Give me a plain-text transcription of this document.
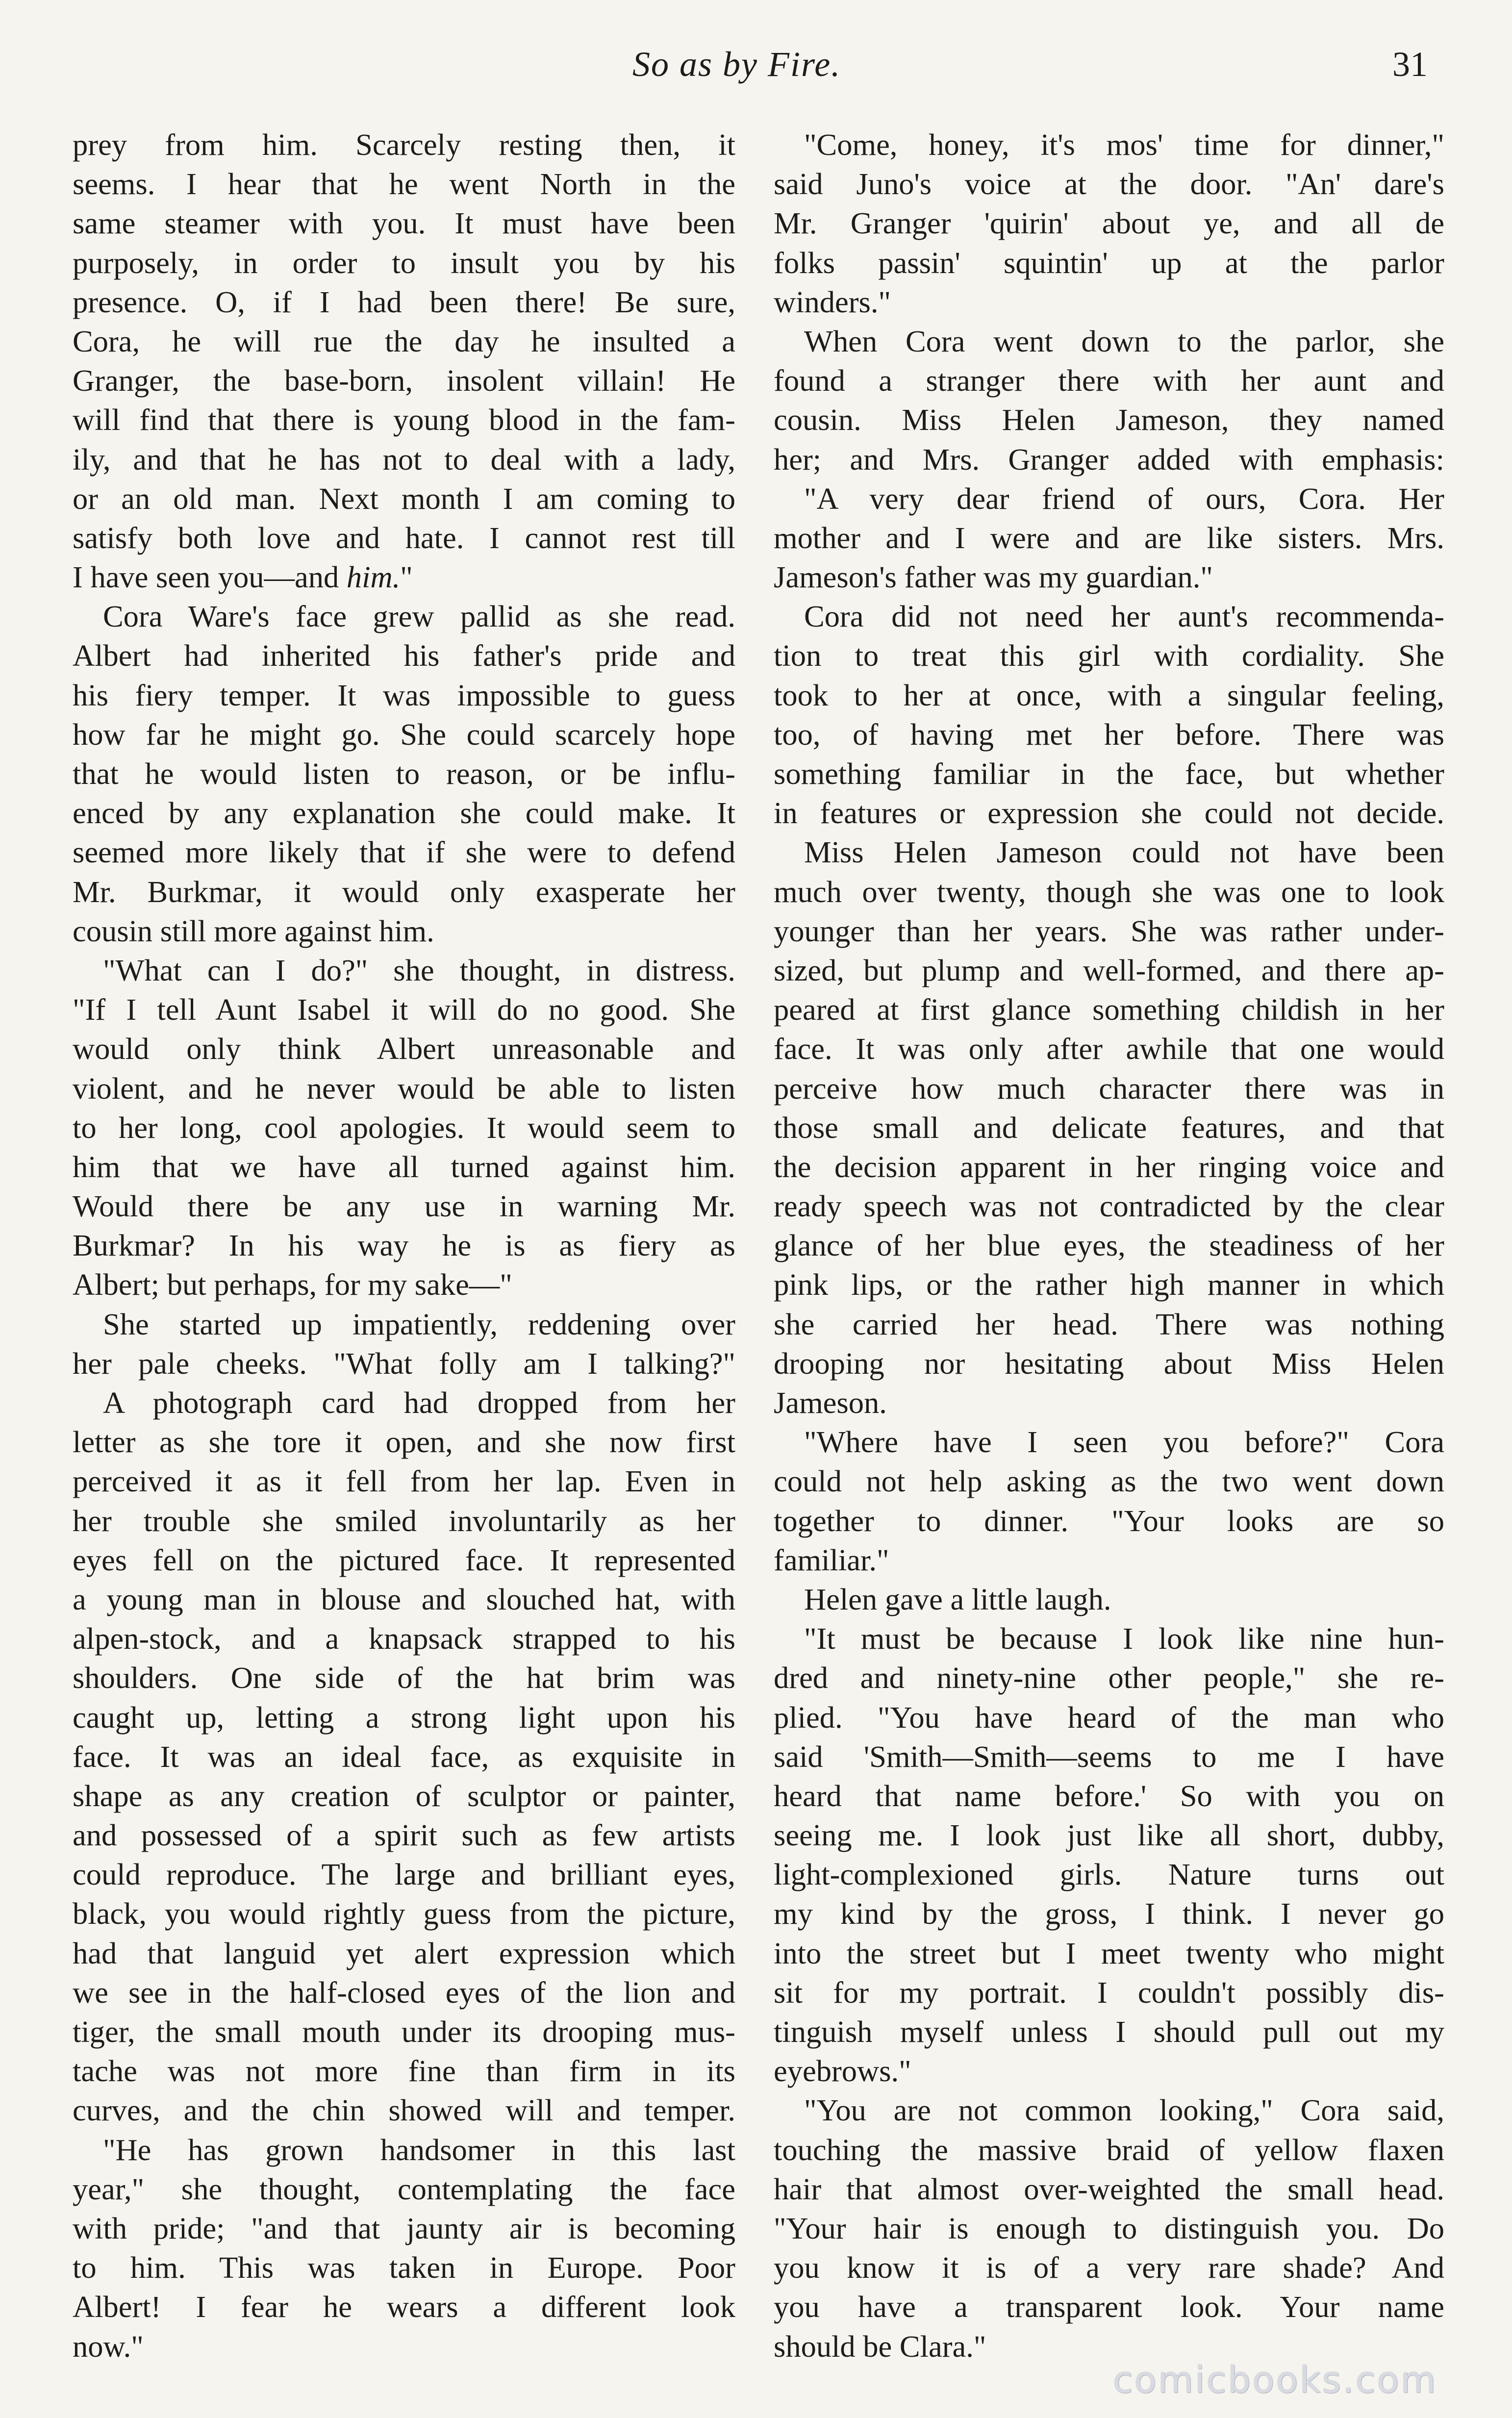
So as by Fire.	31
prey from him. Scarcely resting then, it
seems. I hear that he went North in the
same steamer with you. It must have been
purposely, in order to insult you by his
presence. O, if I had been there! Be sure,
Cora, he will rue the day he insulted a
Granger, the base-born, insolent villain! He
will find that there is young blood in the fam-
ily, and that he has not to deal with a lady,
or an old man. Next month I am coming to
satisfy both love and hate. I cannot rest till
I have seen you—and him."
Cora Ware's face grew pallid as she read.
Albert had inherited his father's pride and
his fiery temper. It was impossible to guess
how far he might go. She could scarcely hope
that he would listen to reason, or be influ-
enced by any explanation she could make. It
seemed more likely that if she were to defend
Mr. Burkmar, it would only exasperate her
cousin still more against him.
"What can I do?" she thought, in distress.
"If I tell Aunt Isabel it will do no good. She
would only think Albert unreasonable and
violent, and he never would be able to listen
to her long, cool apologies. It would seem to
him that we have all turned against him.
Would there be any use in warning Mr.
Burkmar? In his way he is as fiery as
Albert; but perhaps, for my sake—"
She started up impatiently, reddening over
her pale cheeks. "What folly am I talking?"
A photograph card had dropped from her
letter as she tore it open, and she now first
perceived it as it fell from her lap. Even in
her trouble she smiled involuntarily as her
eyes fell on the pictured face. It represented
a young man in blouse and slouched hat, with
alpen-stock, and a knapsack strapped to his
shoulders. One side of the hat brim was
caught up, letting a strong light upon his
face. It was an ideal face, as exquisite in
shape as any creation of sculptor or painter,
and possessed of a spirit such as few artists
could reproduce. The large and brilliant eyes,
black, you would rightly guess from the picture,
had that languid yet alert expression which
we see in the half-closed eyes of the lion and
tiger, the small mouth under its drooping mus-
tache was not more fine than firm in its
curves, and the chin showed will and temper.
"He has grown handsomer in this last
year," she thought, contemplating the face
with pride; "and that jaunty air is becoming
to him. This was taken in Europe. Poor
Albert! I fear he wears a different look
now."
"Come, honey, it's mos' time for dinner,"
said Juno's voice at the door. "An' dare's
Mr. Granger 'quirin' about ye, and all de
folks passin' squintin' up at the parlor
winders."
When Cora went down to the parlor, she
found a stranger there with her aunt and
cousin. Miss Helen Jameson, they named
her; and Mrs. Granger added with emphasis:
"A very dear friend of ours, Cora. Her
mother and I were and are like sisters. Mrs.
Jameson's father was my guardian."
Cora did not need her aunt's recommenda-
tion to treat this girl with cordiality. She
took to her at once, with a singular feeling,
too, of having met her before. There was
something familiar in the face, but whether
in features or expression she could not decide.
Miss Helen Jameson could not have been
much over twenty, though she was one to look
younger than her years. She was rather under-
sized, but plump and well-formed, and there ap-
peared at first glance something childish in her
face. It was only after awhile that one would
perceive how much character there was in
those small and delicate features, and that
the decision apparent in her ringing voice and
ready speech was not contradicted by the clear
glance of her blue eyes, the steadiness of her
pink lips, or the rather high manner in which
she carried her head. There was nothing
drooping nor hesitating about Miss Helen
Jameson.
"Where have I seen you before?" Cora
could not help asking as the two went down
together to dinner. "Your looks are so
familiar."
Helen gave a little laugh.
"It must be because I look like nine hun-
dred and ninety-nine other people," she re-
plied. "You have heard of the man who
said 'Smith—Smith—seems to me I have
heard that name before.' So with you on
seeing me. I look just like all short, dubby,
light-complexioned girls. Nature turns out
my kind by the gross, I think. I never go
into the street but I meet twenty who might
sit for my portrait. I couldn't possibly dis-
tinguish myself unless I should pull out my
eyebrows."
"You are not common looking," Cora said,
touching the massive braid of yellow flaxen
hair that almost over-weighted the small head.
"Your hair is enough to distinguish you. Do
you know it is of a very rare shade? And
you have a transparent look. Your name
should be Clara."
comicbooks.com
